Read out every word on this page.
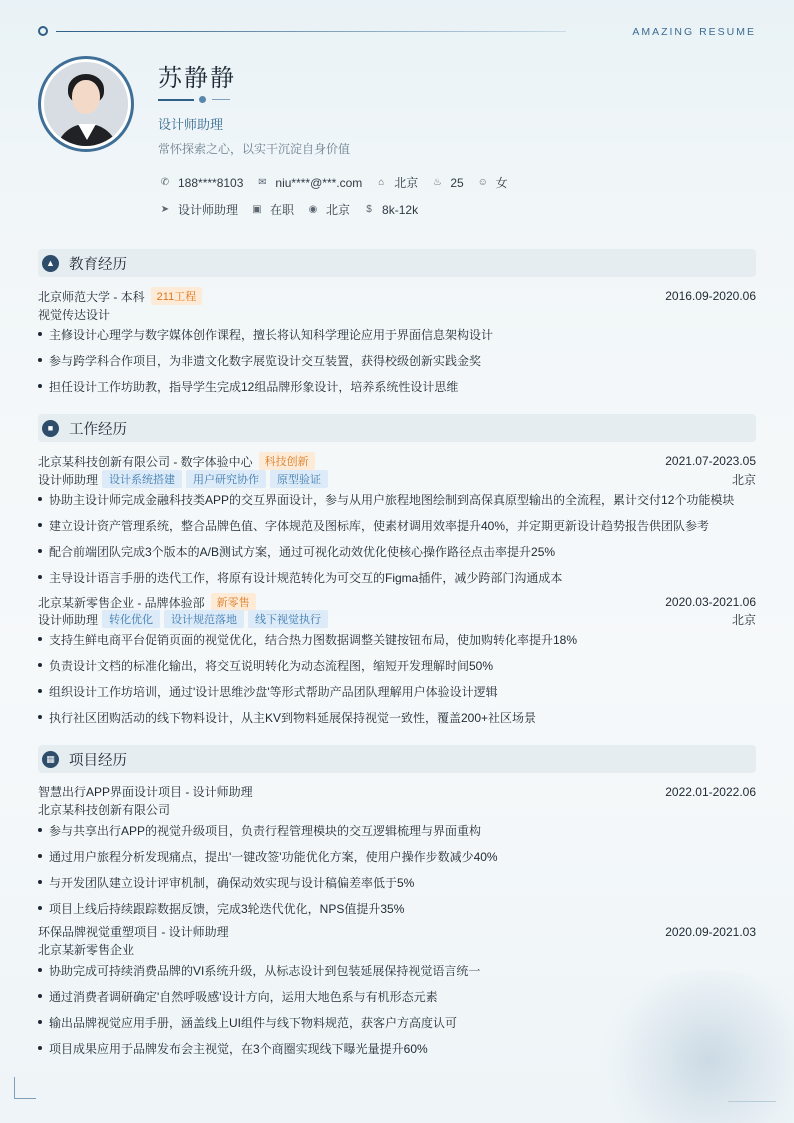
AMAZING RESUME
苏静静
设计师助理
常怀探索之心，以实干沉淀自身价值
✆ 188****8103 ✉ niu****@***.com	⌂ 北京 ♨ 25 ☺ 女
➤ 设计师助理 ▣ 在职 ◉ 北京	$ 8k-12k
▲ 教育经历
北京师范大学 - 本科	211工程	2016.09-2020.06
视觉传达设计
主修设计心理学与数字媒体创作课程，擅长将认知科学理论应用于界面信息架构设计
参与跨学科合作项目，为非遗文化数字展览设计交互装置，获得校级创新实践金奖
担任设计工作坊助教，指导学生完成12组品牌形象设计，培养系统性设计思维
■	工作经历
北京某科技创新有限公司 - 数字体验中心	科技创新	2021.07-2023.05
设计师助理	设计系统搭建	用户研究协作	原型验证	北京
协助主设计师完成金融科技类APP的交互界面设计，参与从用户旅程地图绘制到高保真原型输出的全流程，累计交付12个功能模块
建立设计资产管理系统，整合品牌色值、字体规范及图标库，使素材调用效率提升40%，并定期更新设计趋势报告供团队参考
配合前端团队完成3个版本的A/B测试方案，通过可视化动效优化使核心操作路径点击率提升25%
主导设计语言手册的迭代工作，将原有设计规范转化为可交互的Figma插件，减少跨部门沟通成本
北京某新零售企业 - 品牌体验部	新零售	2020.03-2021.06
设计师助理	转化优化	设计规范落地	线下视觉执行	北京
支持生鲜电商平台促销页面的视觉优化，结合热力图数据调整关键按钮布局，使加购转化率提升18%
负责设计文档的标准化输出，将交互说明转化为动态流程图，缩短开发理解时间50%
组织设计工作坊培训，通过'设计思维沙盘'等形式帮助产品团队理解用户体验设计逻辑
执行社区团购活动的线下物料设计，从主KV到物料延展保持视觉一致性，覆盖200+社区场景
▦ 项目经历
智慧出行APP界面设计项目 - 设计师助理	2022.01-2022.06
北京某科技创新有限公司
参与共享出行APP的视觉升级项目，负责行程管理模块的交互逻辑梳理与界面重构
通过用户旅程分析发现痛点，提出'一键改签'功能优化方案，使用户操作步数减少40%
与开发团队建立设计评审机制，确保动效实现与设计稿偏差率低于5%
项目上线后持续跟踪数据反馈，完成3轮迭代优化，NPS值提升35%
环保品牌视觉重塑项目 - 设计师助理	2020.09-2021.03
北京某新零售企业
协助完成可持续消费品牌的VI系统升级，从标志设计到包装延展保持视觉语言统一
通过消费者调研确定'自然呼吸感'设计方向，运用大地色系与有机形态元素
输出品牌视觉应用手册，涵盖线上UI组件与线下物料规范，获客户方高度认可
项目成果应用于品牌发布会主视觉，在3个商圈实现线下曝光量提升60%
